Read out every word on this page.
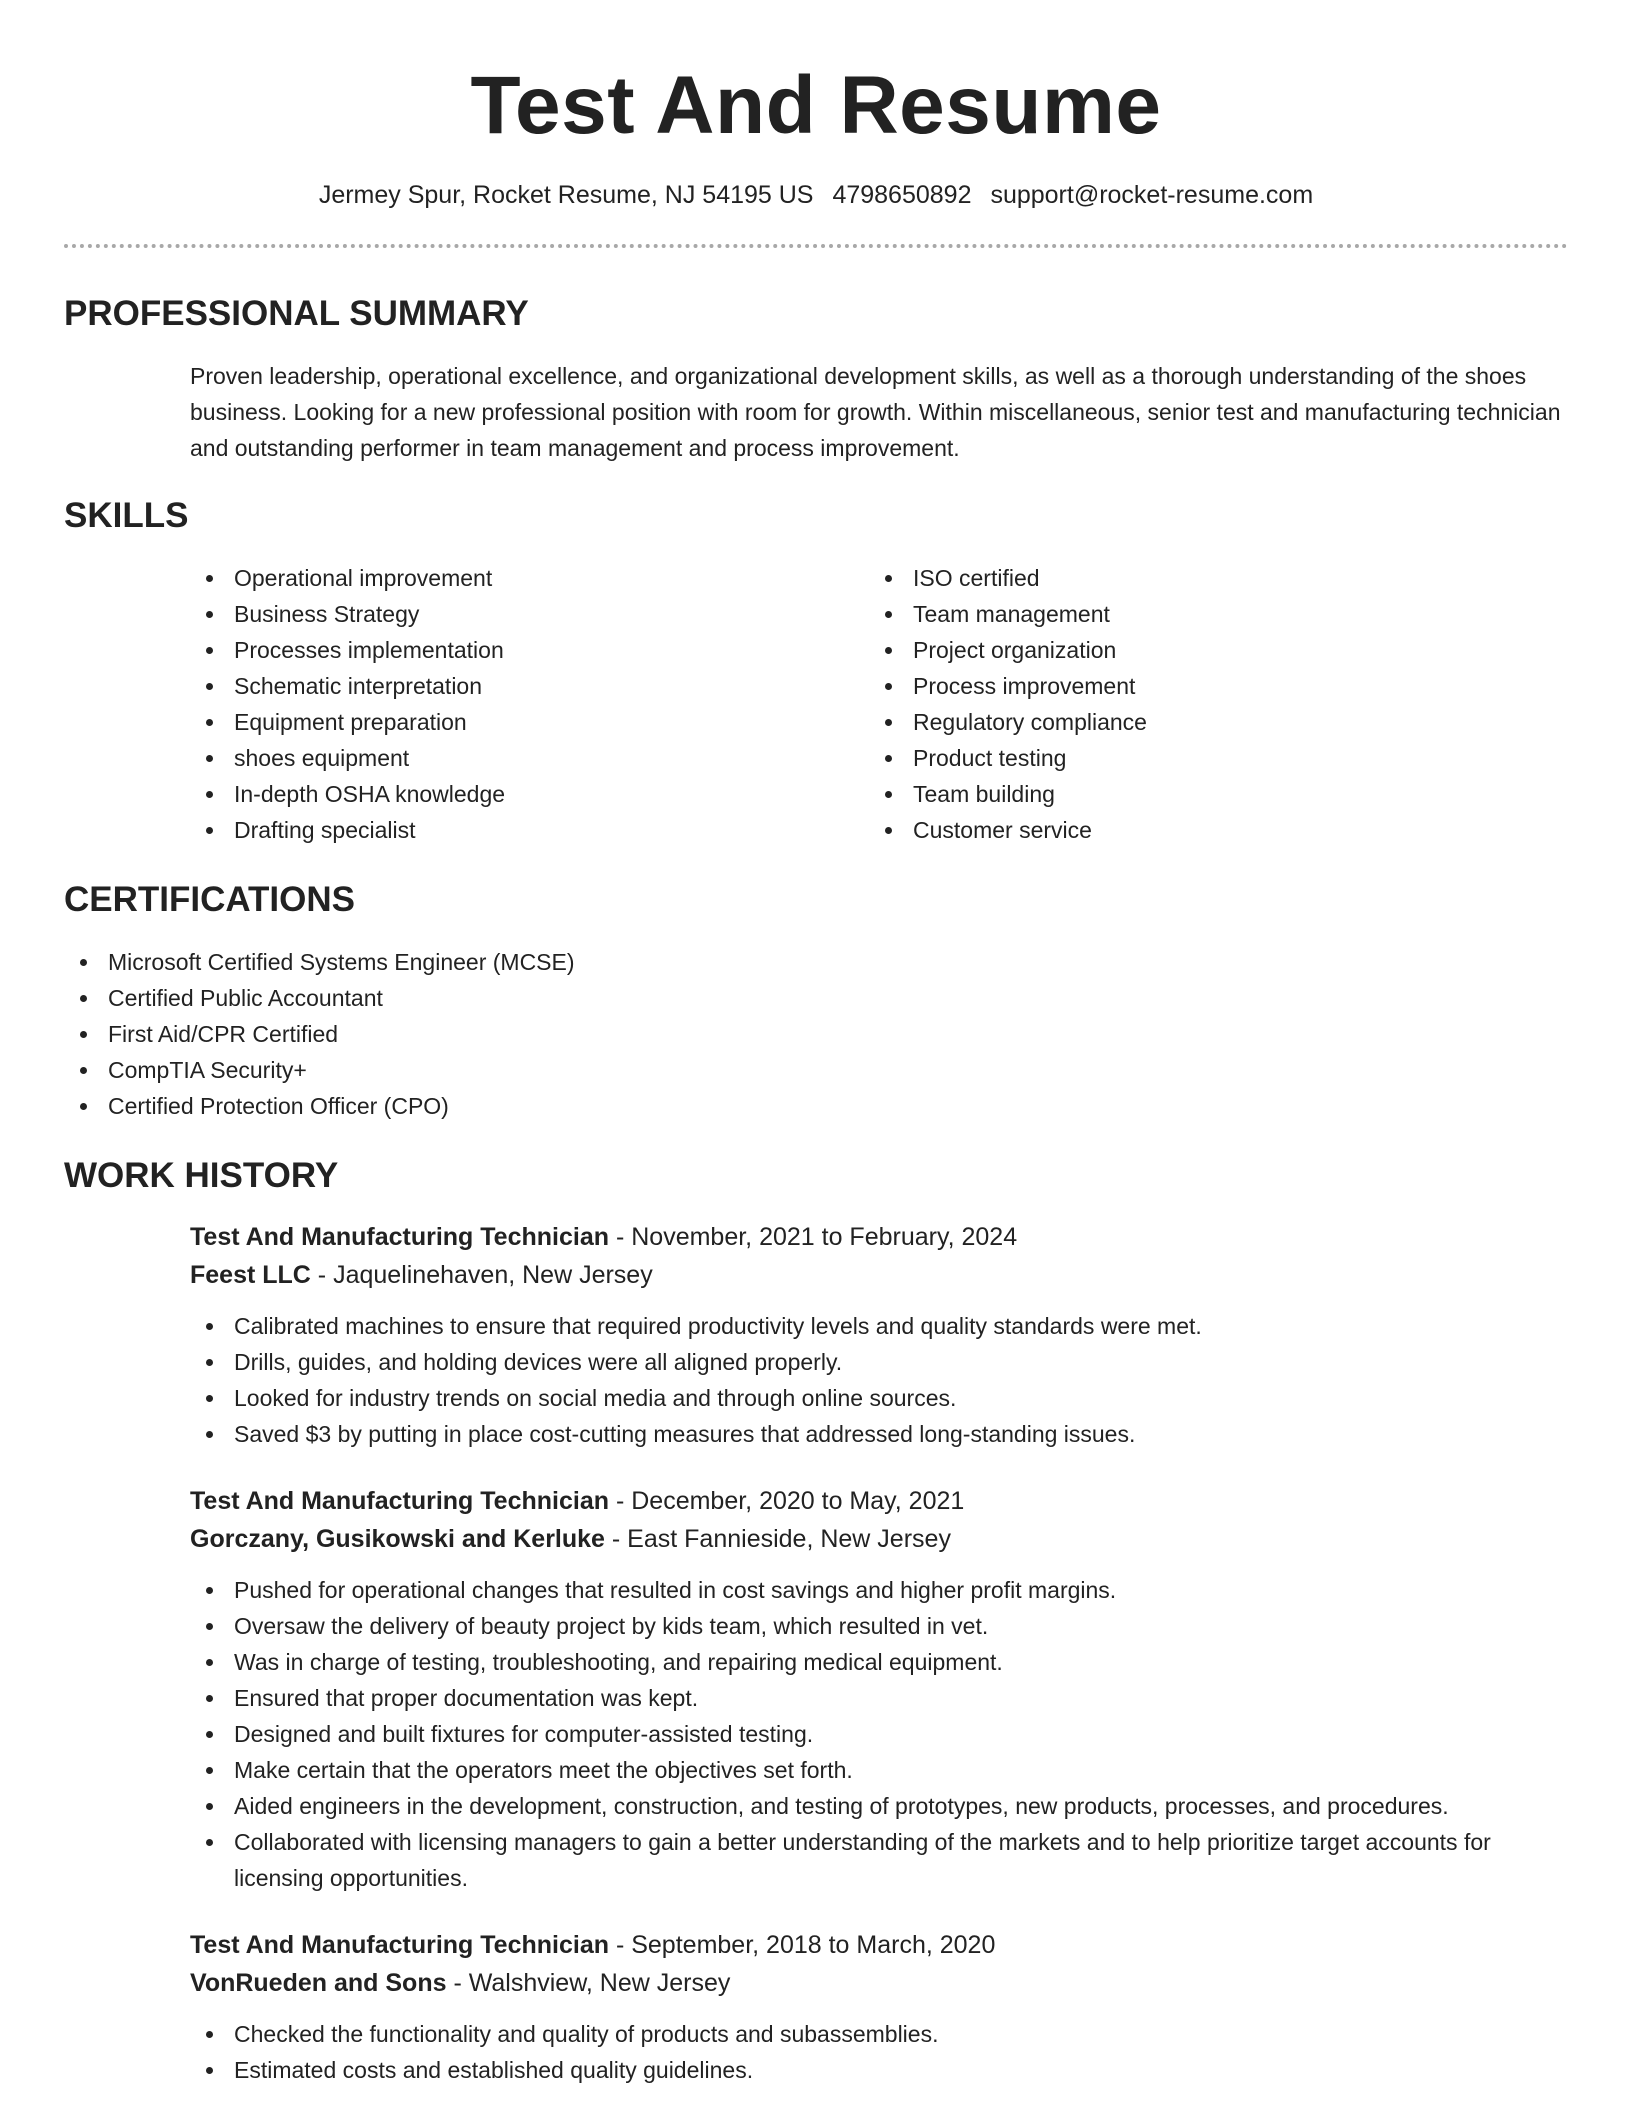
Test And Resume
Jermey Spur, Rocket Resume, NJ 54195 US 4798650892 support@rocket-resume.com
PROFESSIONAL SUMMARY

Proven leadership, operational excellence, and organizational development skills, as well as a thorough understanding of the shoes business. Looking for a new professional position with room for growth. Within miscellaneous, senior test and manufacturing technician and outstanding performer in team management and process improvement.

SKILLS
Operational improvement
Business Strategy
Processes implementation
Schematic interpretation
Equipment preparation
shoes equipment
In-depth OSHA knowledge
Drafting specialist
ISO certified
Team management
Project organization
Process improvement
Regulatory compliance
Product testing
Team building
Customer service
CERTIFICATIONS
Microsoft Certified Systems Engineer (MCSE)
Certified Public Accountant
First Aid/CPR Certified
CompTIA Security+
Certified Protection Officer (CPO)
WORK HISTORY
Test And Manufacturing Technician - November, 2021 to February, 2024
Feest LLC - Jaquelinehaven, New Jersey
Calibrated machines to ensure that required productivity levels and quality standards were met.
Drills, guides, and holding devices were all aligned properly.
Looked for industry trends on social media and through online sources.
Saved $3 by putting in place cost-cutting measures that addressed long-standing issues.
Test And Manufacturing Technician - December, 2020 to May, 2021
Gorczany, Gusikowski and Kerluke - East Fannieside, New Jersey
Pushed for operational changes that resulted in cost savings and higher profit margins.
Oversaw the delivery of beauty project by kids team, which resulted in vet.
Was in charge of testing, troubleshooting, and repairing medical equipment.
Ensured that proper documentation was kept.
Designed and built fixtures for computer-assisted testing.
Make certain that the operators meet the objectives set forth.
Aided engineers in the development, construction, and testing of prototypes, new products, processes, and procedures.
Collaborated with licensing managers to gain a better understanding of the markets and to help prioritize target accounts for licensing opportunities.
Test And Manufacturing Technician - September, 2018 to March, 2020
VonRueden and Sons - Walshview, New Jersey
Checked the functionality and quality of products and subassemblies.
Estimated costs and established quality guidelines.
